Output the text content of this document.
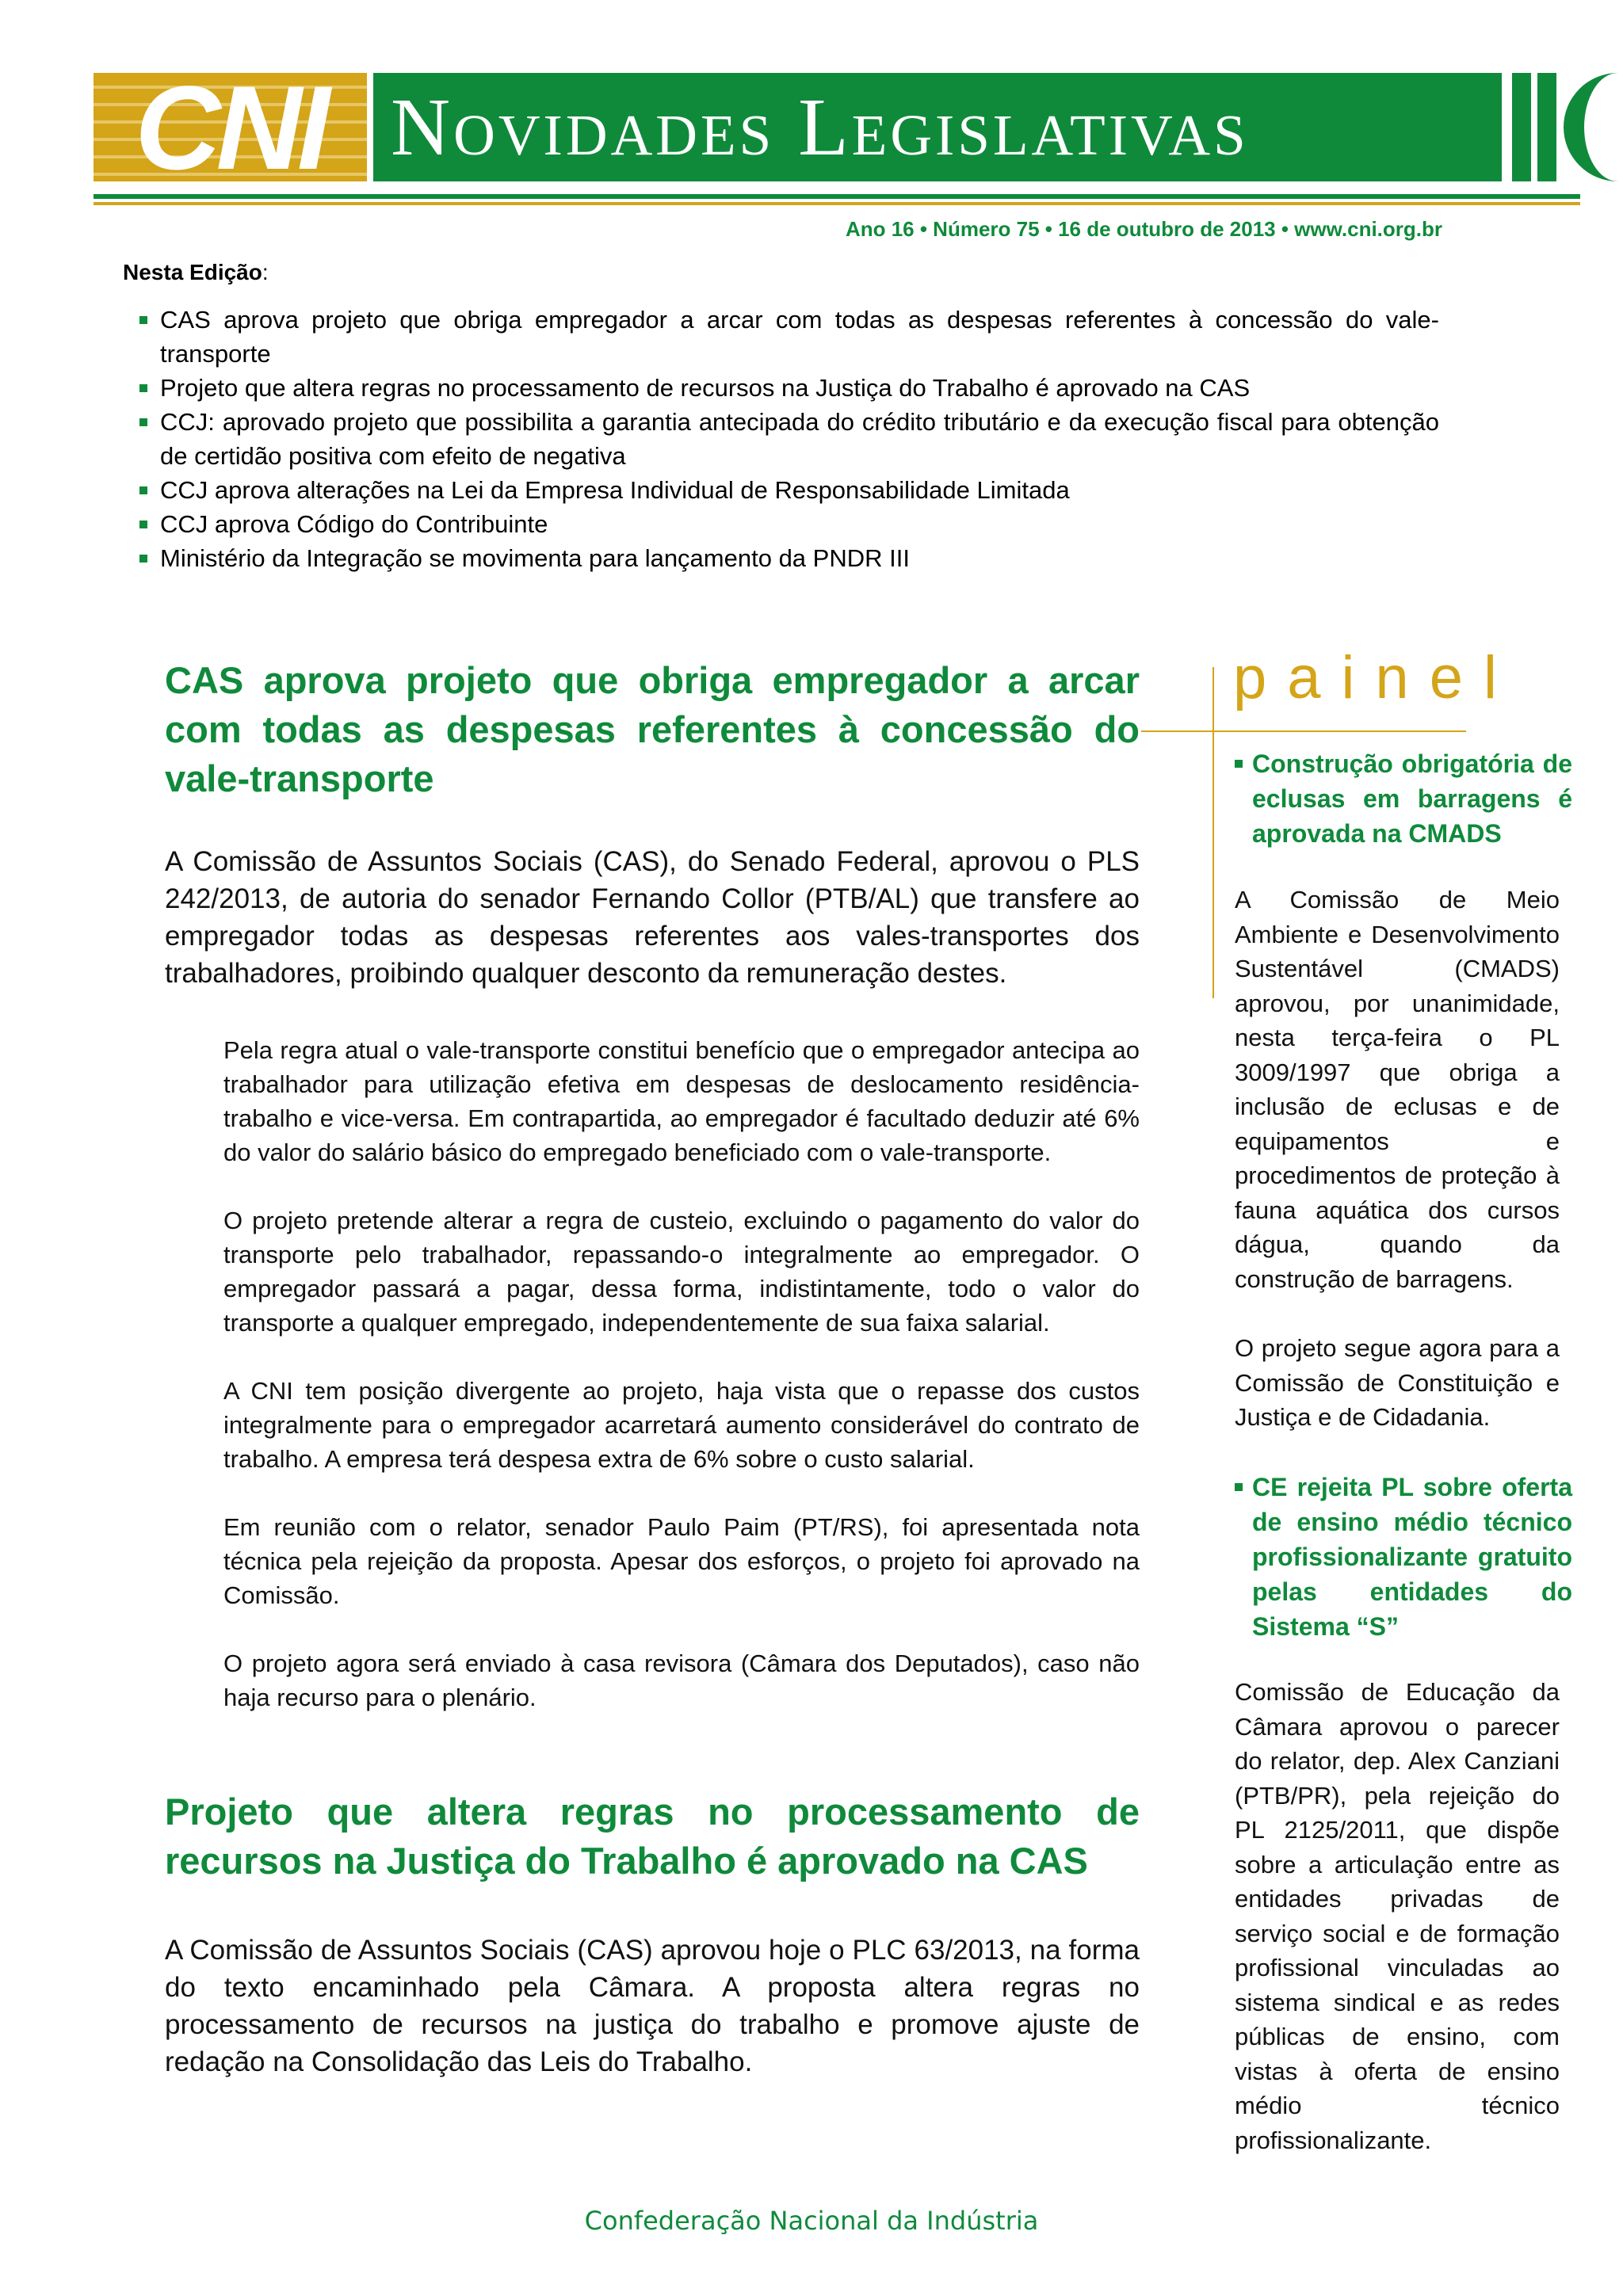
CNI Novidades Legislativas
Ano 16 • Número 75 • 16 de outubro de 2013 • www.cni.org.br
Nesta Edição:
CAS aprova projeto que obriga empregador a arcar com todas as despesas referentes à concessão do vale-transporte
Projeto que altera regras no processamento de recursos na Justiça do Trabalho é aprovado na CAS
CCJ: aprovado projeto que possibilita a garantia antecipada do crédito tributário e da execução fiscal para obtenção de certidão positiva com efeito de negativa
CCJ aprova alterações na Lei da Empresa Individual de Responsabilidade Limitada
CCJ aprova Código do Contribuinte
Ministério da Integração se movimenta para lançamento da PNDR III
CAS aprova projeto que obriga empregador a arcar com todas as despesas referentes à concessão do vale-transporte

A Comissão de Assuntos Sociais (CAS), do Senado Federal, aprovou o PLS 242/2013, de autoria do senador Fernando Collor (PTB/AL) que transfere ao empregador todas as despesas referentes aos vales-transportes dos trabalhadores, proibindo qualquer desconto da remuneração destes.

Pela regra atual o vale-transporte constitui benefício que o empregador antecipa ao trabalhador para utilização efetiva em despesas de deslocamento residência-trabalho e vice-versa. Em contrapartida, ao empregador é facultado deduzir até 6% do valor do salário básico do empregado beneficiado com o vale-transporte.

O projeto pretende alterar a regra de custeio, excluindo o pagamento do valor do transporte pelo trabalhador, repassando-o integralmente ao empregador. O empregador passará a pagar, dessa forma, indistintamente, todo o valor do transporte a qualquer empregado, independentemente de sua faixa salarial.

A CNI tem posição divergente ao projeto, haja vista que o repasse dos custos integralmente para o empregador acarretará aumento considerável do contrato de trabalho. A empresa terá despesa extra de 6% sobre o custo salarial.

Em reunião com o relator, senador Paulo Paim (PT/RS), foi apresentada nota técnica pela rejeição da proposta. Apesar dos esforços, o projeto foi aprovado na Comissão.

O projeto agora será enviado à casa revisora (Câmara dos Deputados), caso não haja recurso para o plenário.

Projeto que altera regras no processamento de recursos na Justiça do Trabalho é aprovado na CAS

A Comissão de Assuntos Sociais (CAS) aprovou hoje o PLC 63/2013, na forma do texto encaminhado pela Câmara. A proposta altera regras no processamento de recursos na justiça do trabalho e promove ajuste de redação na Consolidação das Leis do Trabalho.

painel
Construção obrigatória de eclusas em barragens é aprovada na CMADS

A Comissão de Meio Ambiente e Desenvolvimento Sustentável (CMADS) aprovou, por unanimidade, nesta terça-feira o PL 3009/1997 que obriga a inclusão de eclusas e de equipamentos e procedimentos de proteção à fauna aquática dos cursos dágua, quando da construção de barragens.

O projeto segue agora para a Comissão de Constituição e Justiça e de Cidadania.

CE rejeita PL sobre oferta de ensino médio técnico profissionalizante gratuito pelas entidades do Sistema “S”

Comissão de Educação da Câmara aprovou o parecer do relator, dep. Alex Canziani (PTB/PR), pela rejeição do PL 2125/2011, que dispõe sobre a articulação entre as entidades privadas de serviço social e de formação profissional vinculadas ao sistema sindical e as redes públicas de ensino, com vistas à oferta de ensino médio técnico profissionalizante.

Confederação Nacional da Indústria
